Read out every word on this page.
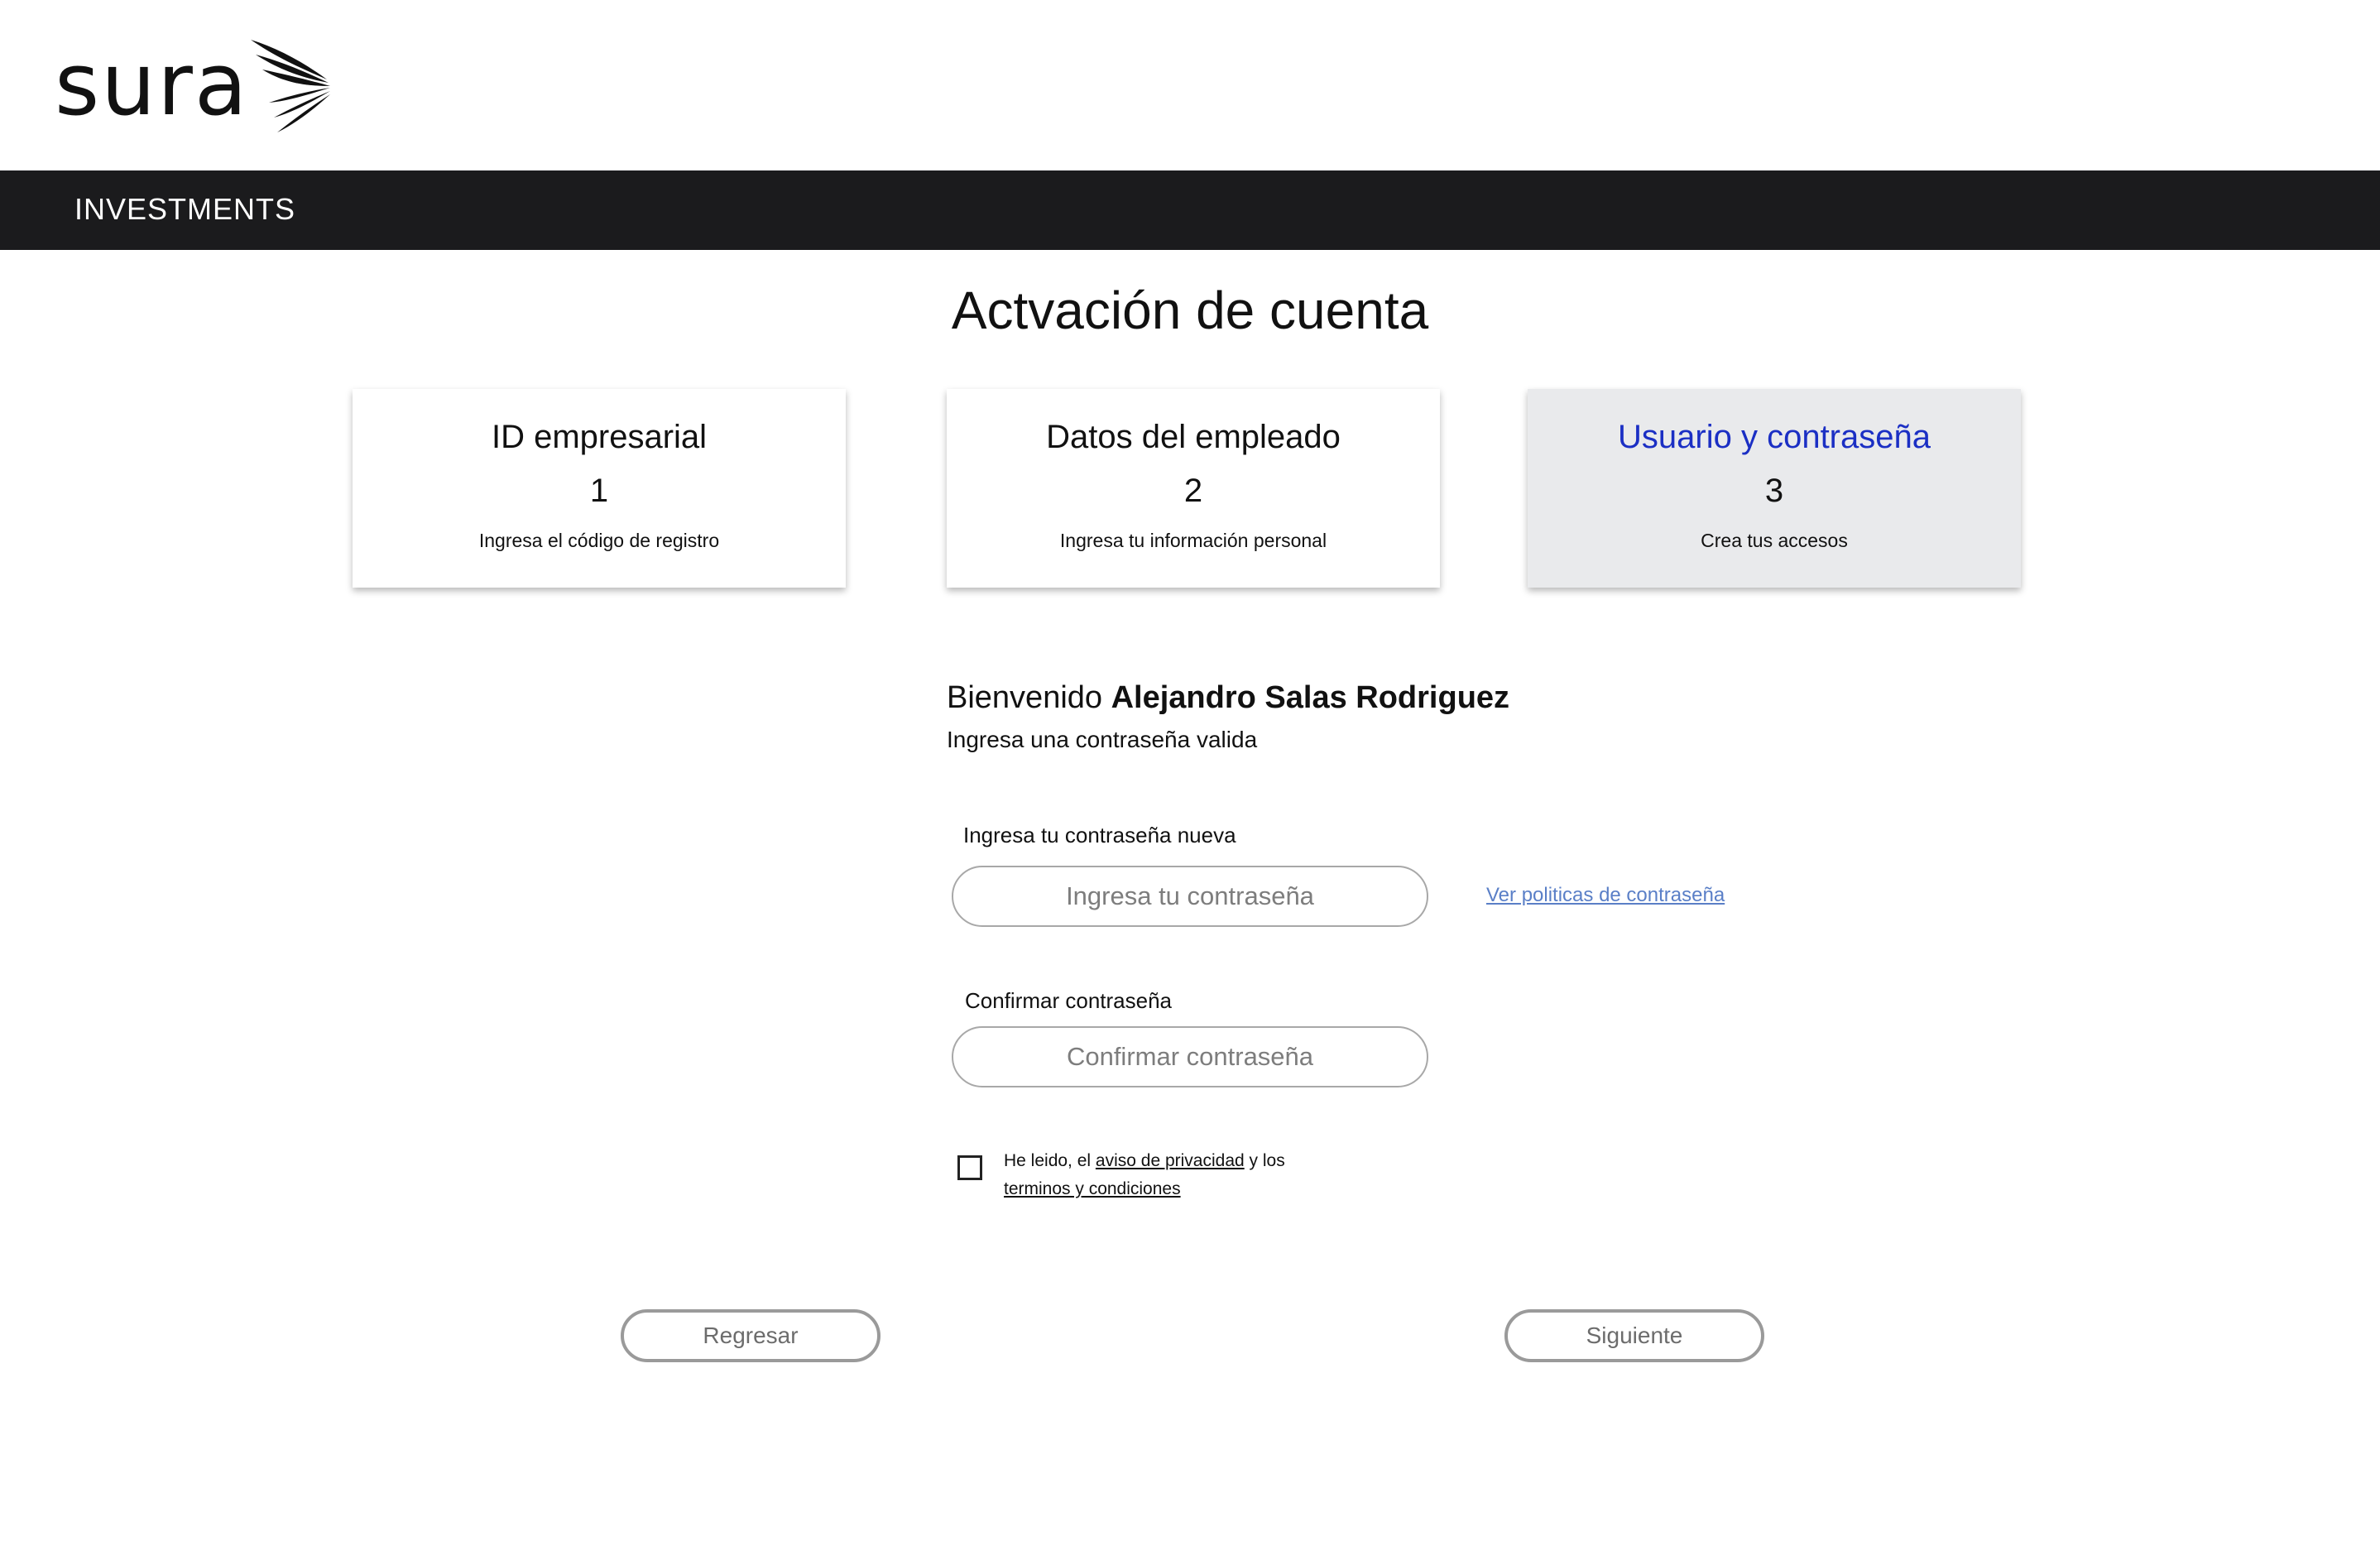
sura
INVESTMENTS
Actvación de cuenta
ID empresarial
1
Ingresa el código de registro
Datos del empleado
2
Ingresa tu información personal
Usuario y contraseña
3
Crea tus accesos
Bienvenido Alejandro Salas Rodriguez
Ingresa una contraseña valida
Ingresa tu contraseña nueva
Ver politicas de contraseña
Confirmar contraseña
He leido, el aviso de privacidad y los
terminos y condiciones
Regresar	Siguiente
